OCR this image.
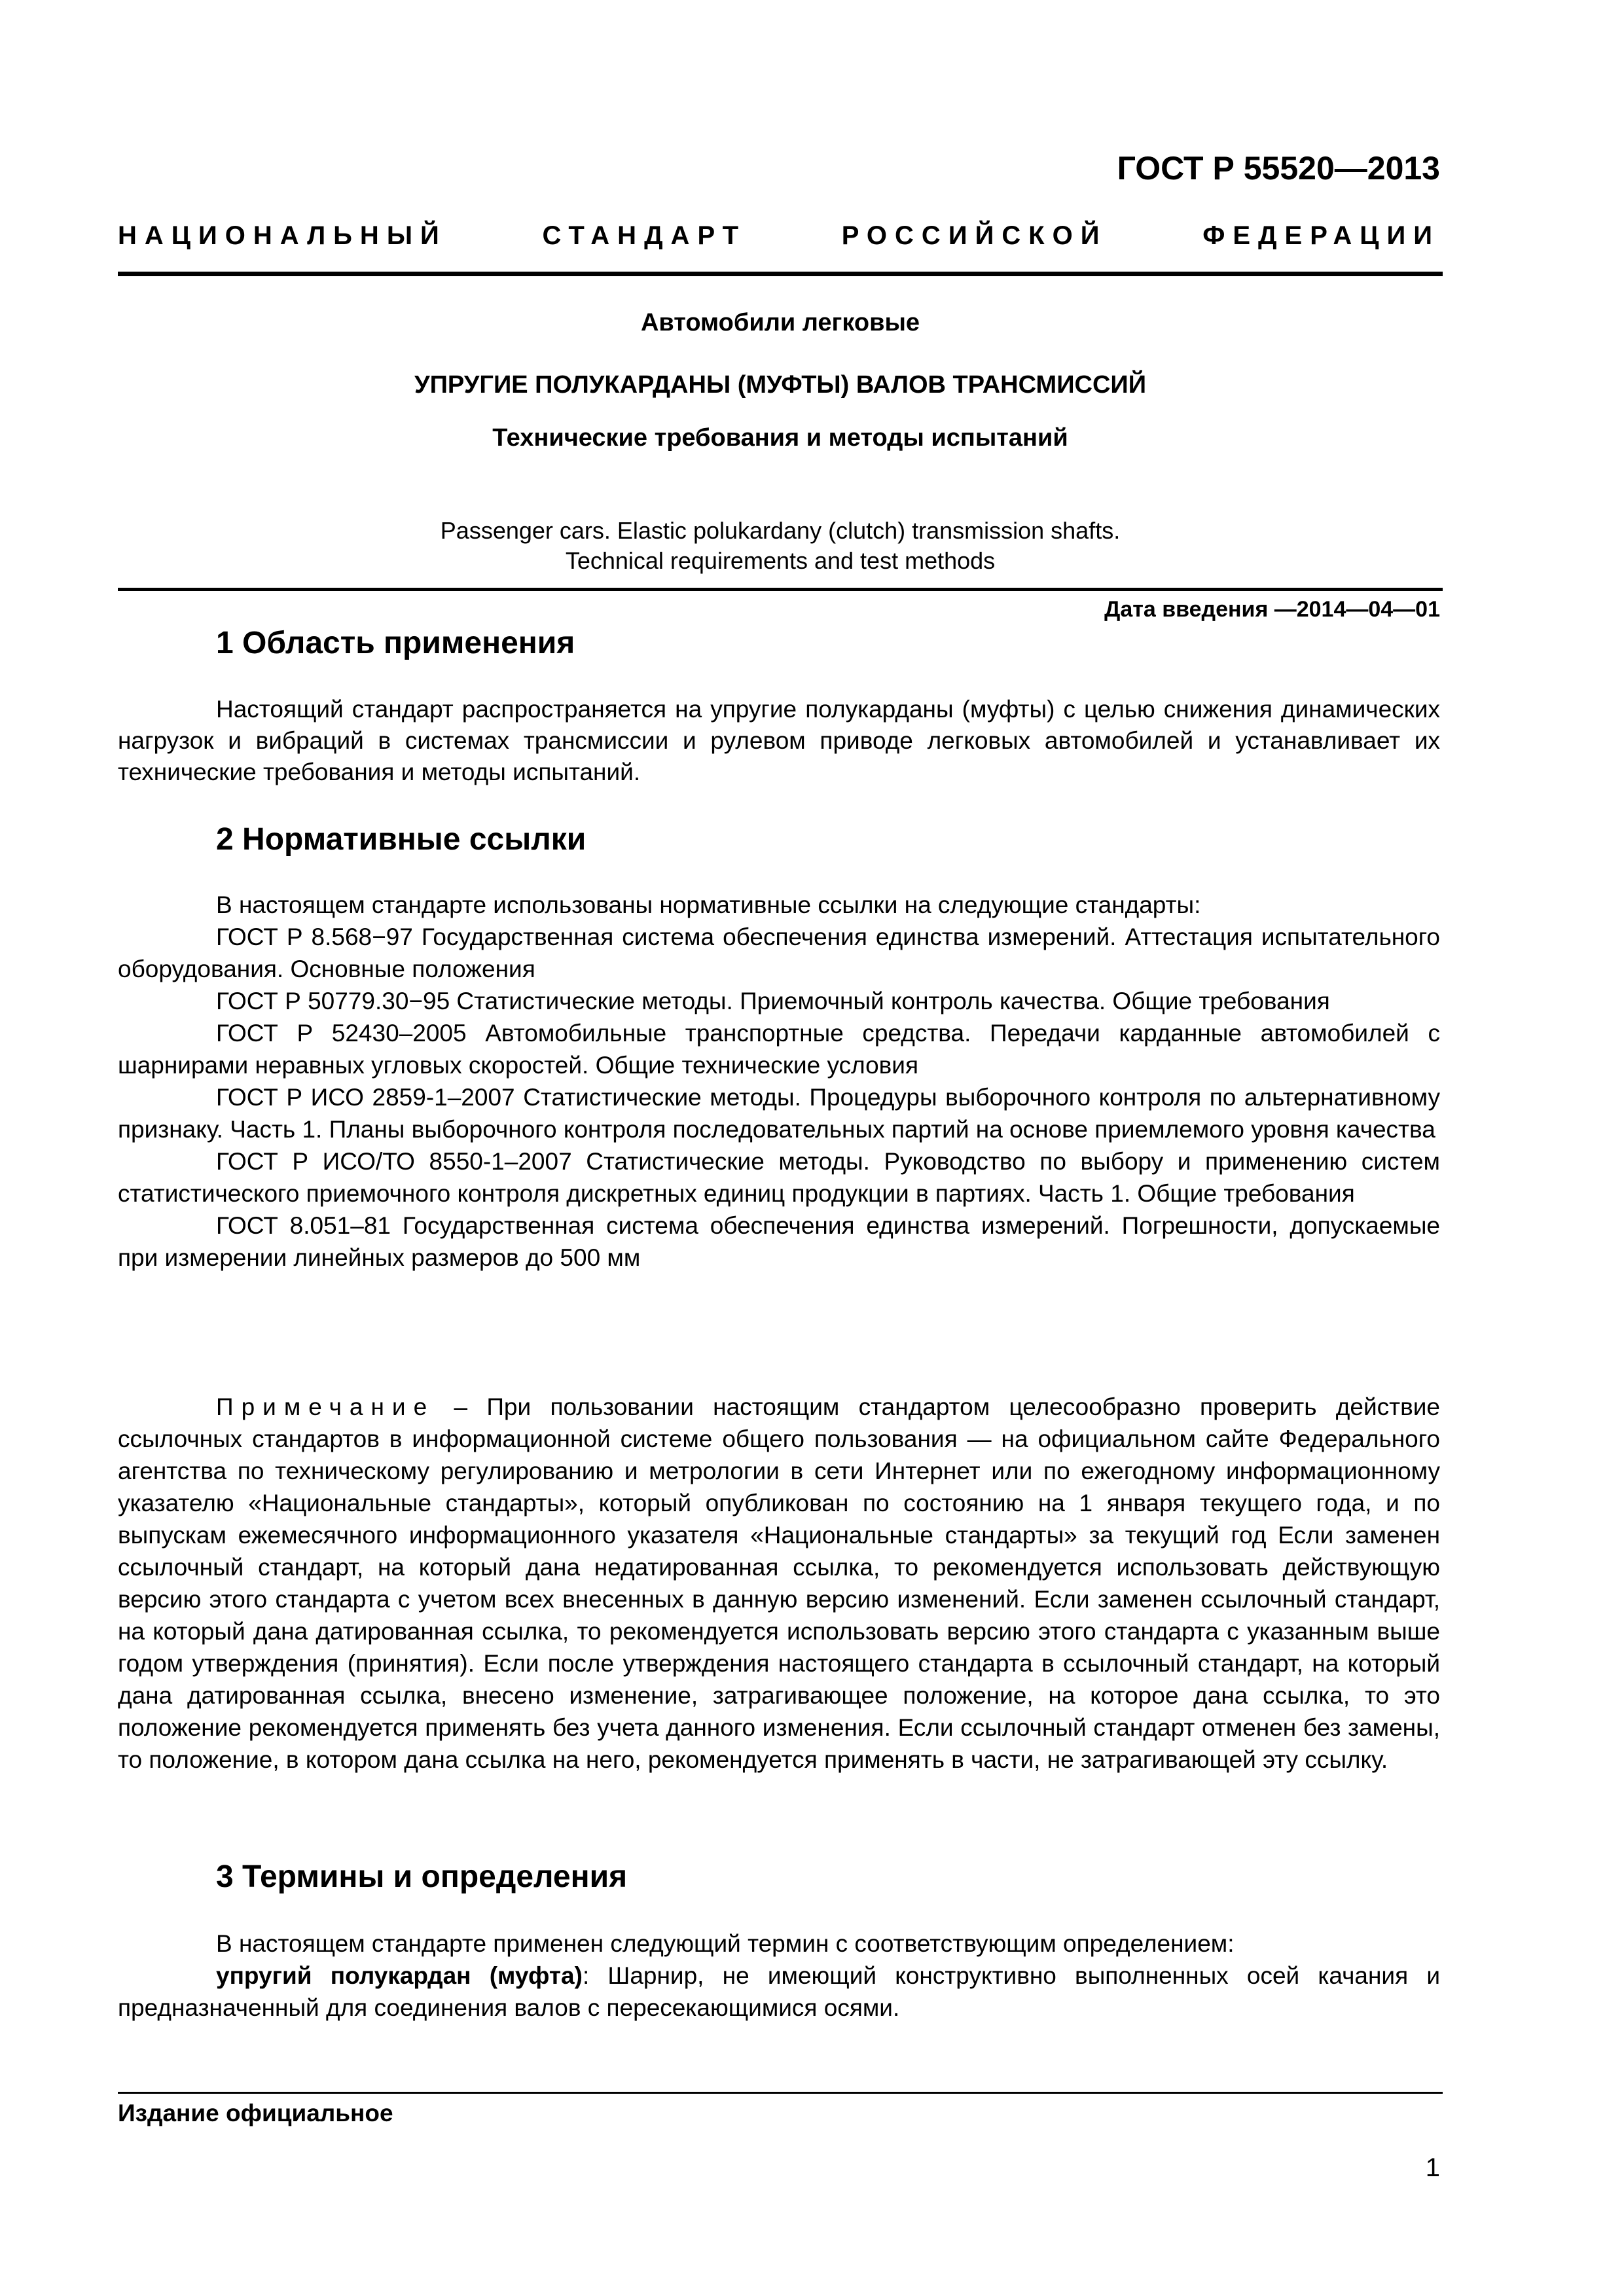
ГОСТ Р 55520—2013
НАЦИОНАЛЬНЫЙ	СТАНДАРТ	РОССИЙСКОЙ	ФЕДЕРАЦИИ
Автомобили легковые
УПРУГИЕ ПОЛУКАРДАНЫ (МУФТЫ) ВАЛОВ ТРАНСМИССИЙ
Технические требования и методы испытаний
Passenger cars. Elastic polukardany (clutch) transmission shafts.
Technical requirements and test methods
Дата введения —2014—04—01
1 Область применения

Настоящий стандарт распространяется на упругие полукарданы (муфты) с целью снижения динамических нагрузок и вибраций в системах трансмиссии и рулевом приводе легковых автомобилей и устанавливает их технические требования и методы испытаний.

2 Нормативные ссылки

В настоящем стандарте использованы нормативные ссылки на следующие стандарты:

ГОСТ Р 8.568−97 Государственная система обеспечения единства измерений. Аттестация испытательного оборудования. Основные положения

ГОСТ Р 50779.30−95 Статистические методы. Приемочный контроль качества. Общие требования

ГОСТ Р 52430–2005 Автомобильные транспортные средства. Передачи карданные автомобилей с шарнирами неравных угловых скоростей. Общие технические условия

ГОСТ Р ИСО 2859-1–2007 Статистические методы. Процедуры выборочного контроля по альтернативному признаку. Часть 1. Планы выборочного контроля последовательных партий на основе приемлемого уровня качества

ГОСТ Р ИСО/ТО 8550-1–2007 Статистические методы. Руководство по выбору и применению систем статистического приемочного контроля дискретных единиц продукции в партиях. Часть 1. Общие требования

ГОСТ 8.051–81 Государственная система обеспечения единства измерений. Погрешности, допускаемые при измерении линейных размеров до 500 мм

Примечание – При пользовании настоящим стандартом целесообразно проверить действие ссылочных стандартов в информационной системе общего пользования — на официальном сайте Федерального агентства по техническому регулированию и метрологии в сети Интернет или по ежегодному информационному указателю «Национальные стандарты», который опубликован по состоянию на 1 января текущего года, и по выпускам ежемесячного информационного указателя «Национальные стандарты» за текущий год Если заменен ссылочный стандарт, на который дана недатированная ссылка, то рекомендуется использовать действующую версию этого стандарта с учетом всех внесенных в данную версию изменений. Если заменен ссылочный стандарт, на который дана датированная ссылка, то рекомендуется использовать версию этого стандарта с указанным выше годом утверждения (принятия). Если после утверждения настоящего стандарта в ссылочный стандарт, на который дана датированная ссылка, внесено изменение, затрагивающее положение, на которое дана ссылка, то это положение рекомендуется применять без учета данного изменения. Если ссылочный стандарт отменен без замены, то положение, в котором дана ссылка на него, рекомендуется применять в части, не затрагивающей эту ссылку.

3 Термины и определения

В настоящем стандарте применен следующий термин с соответствующим определением:

упругий полукардан (муфта): Шарнир, не имеющий конструктивно выполненных осей качания и предназначенный для соединения валов с пересекающимися осями.

Издание официальное
1
